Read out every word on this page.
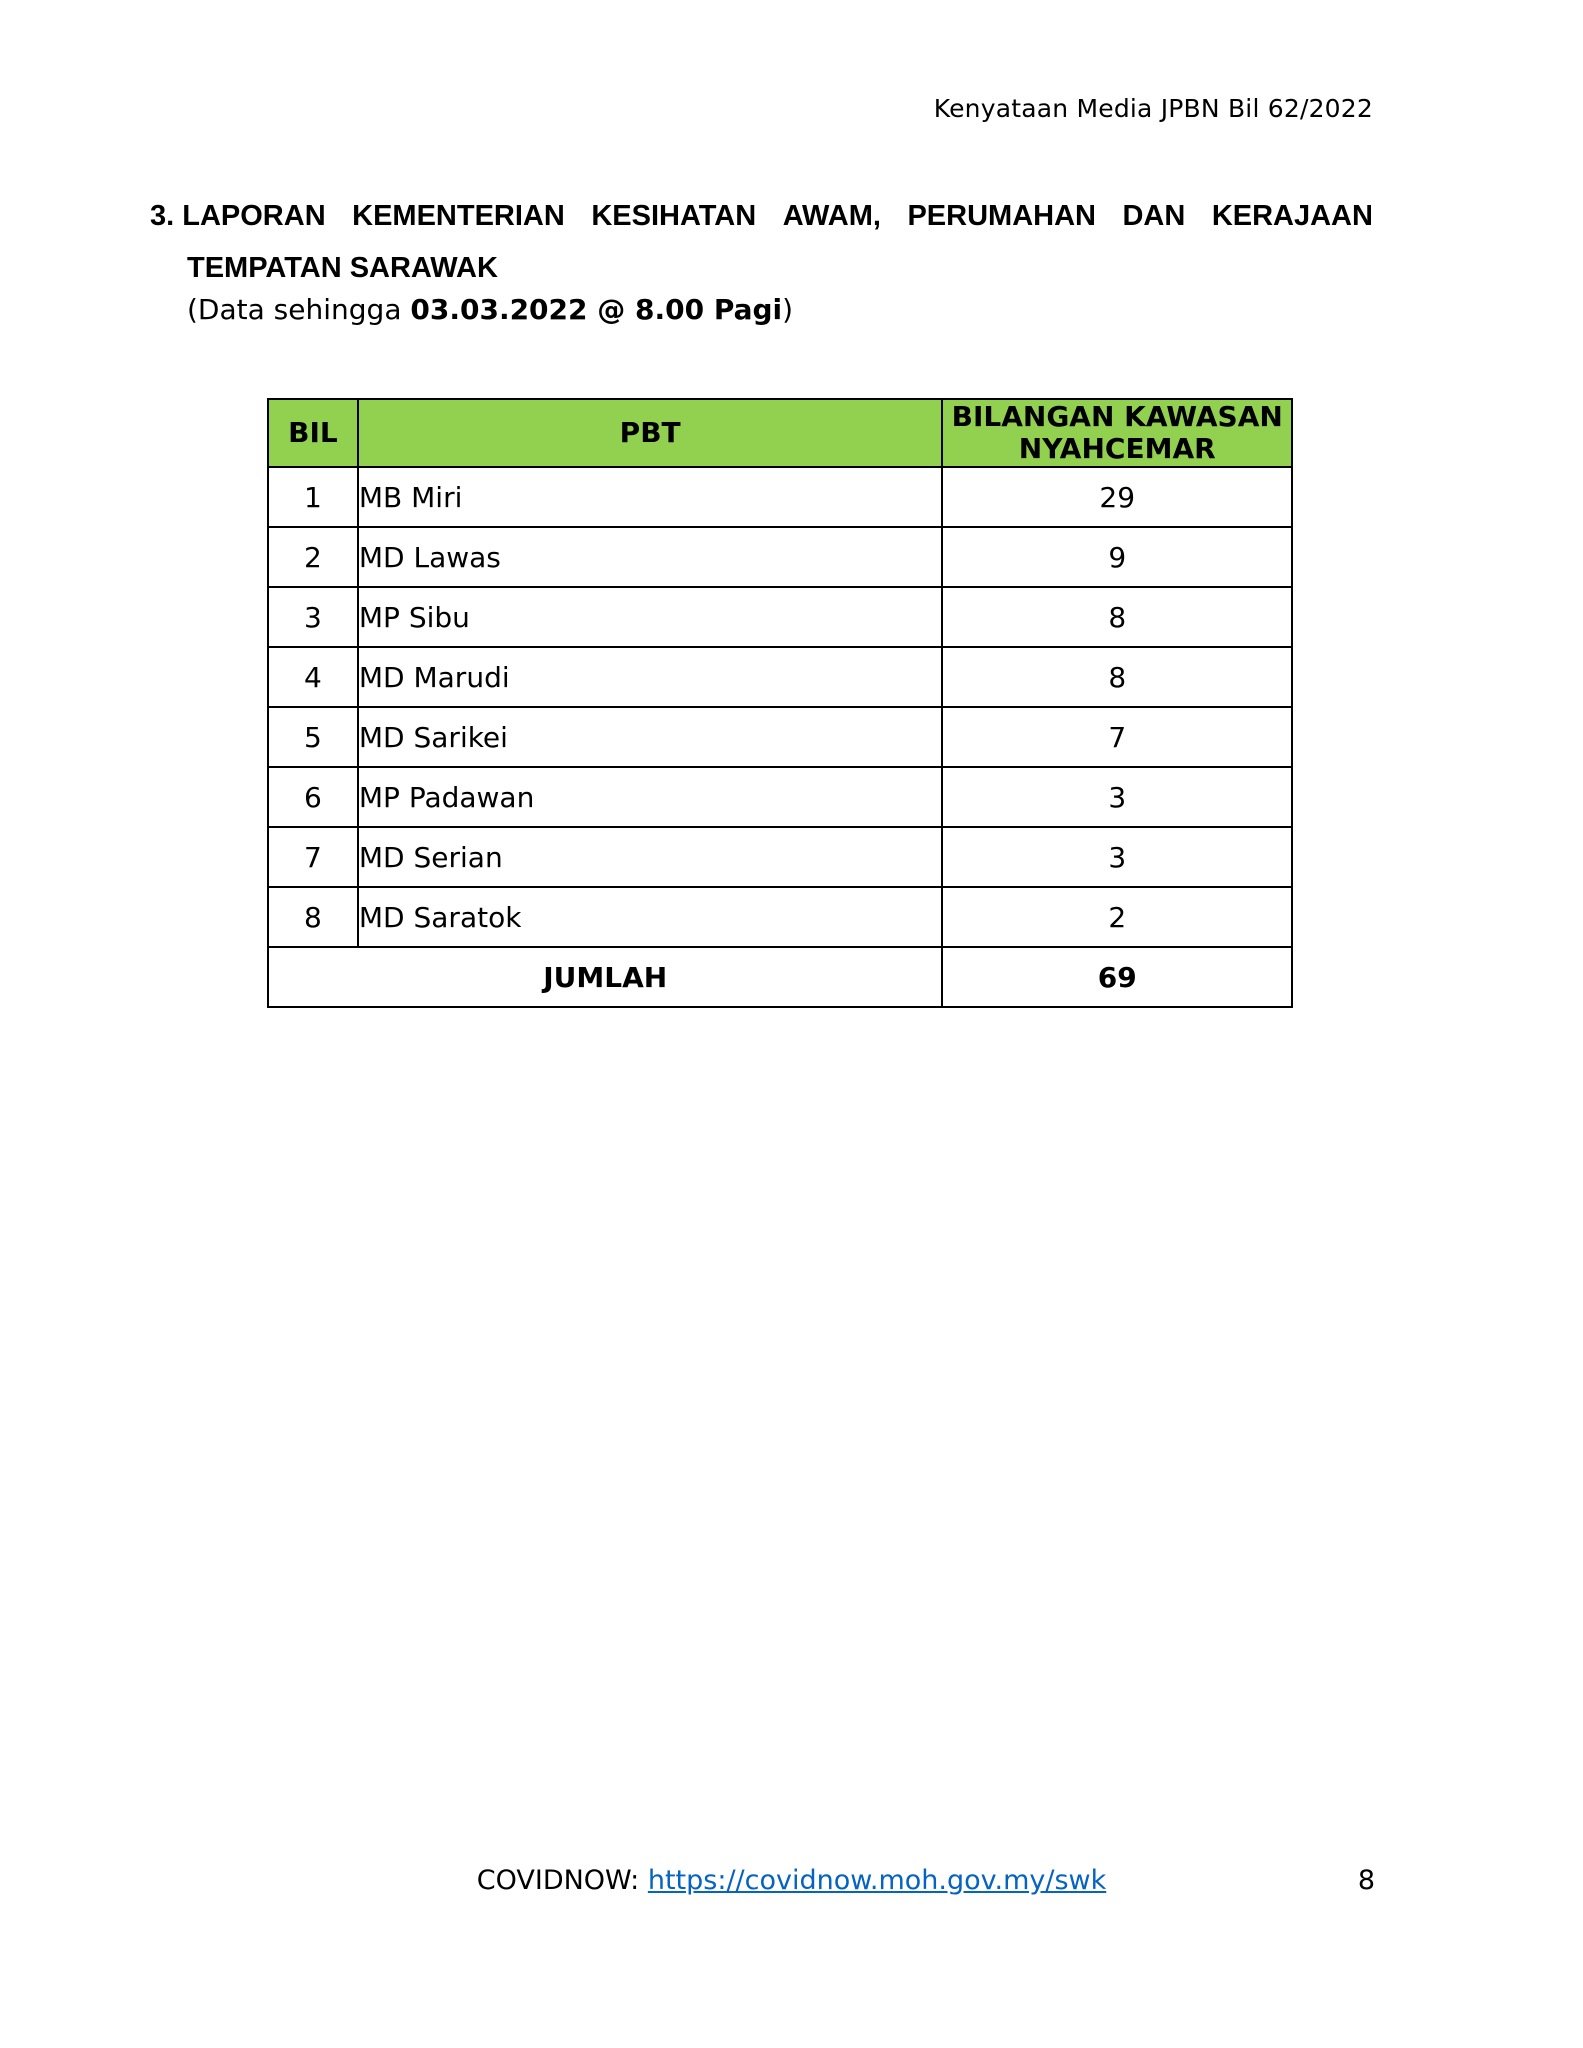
Kenyataan Media JPBN Bil 62/2022
3. LAPORAN KEMENTERIAN KESIHATAN AWAM, PERUMAHAN DAN KERAJAAN
TEMPATAN SARAWAK
(Data sehingga 03.03.2022 @ 8.00 Pagi)
BIL	PBT	BILANGAN KAWASAN
NYAHCEMAR
1	MB Miri	29
2	MD Lawas	9
3	MP Sibu	8
4	MD Marudi	8
5	MD Sarikei	7
6	MP Padawan	3
7	MD Serian	3
8	MD Saratok	2
JUMLAH		69
COVIDNOW: https://covidnow.moh.gov.my/swk	8
